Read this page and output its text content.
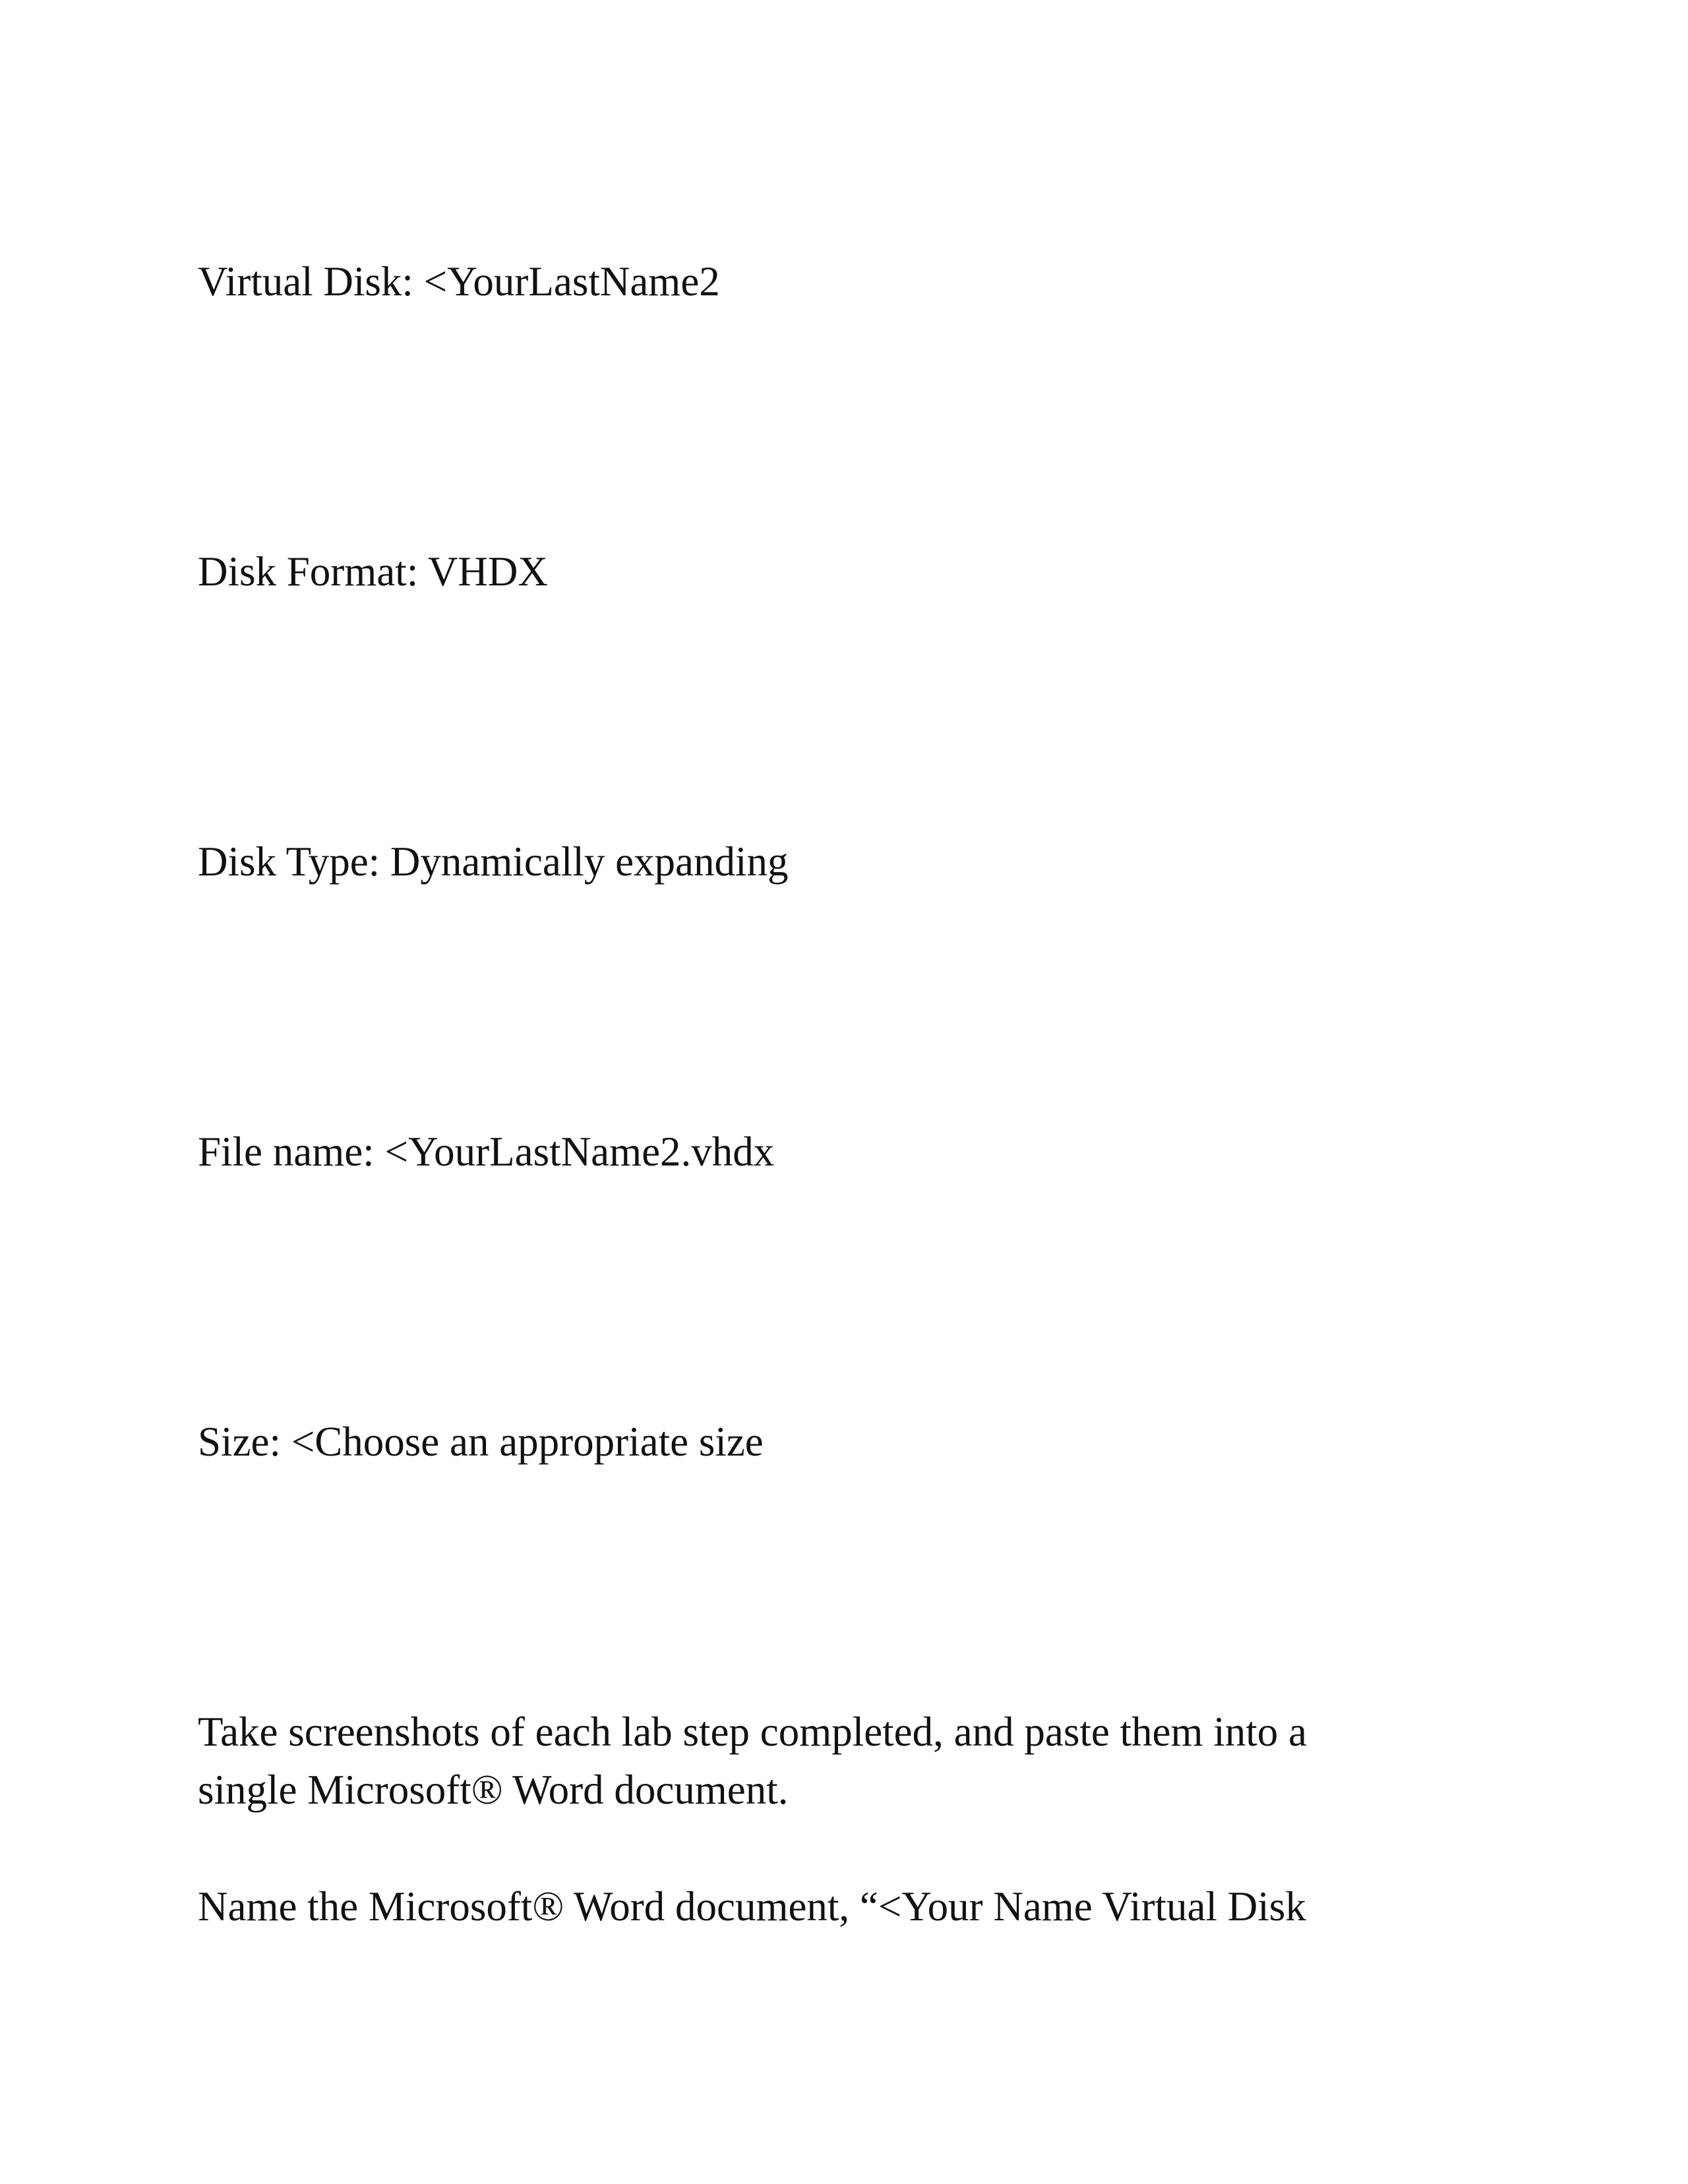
Virtual Disk: <YourLastName2

Disk Format: VHDX

Disk Type: Dynamically expanding

File name: <YourLastName2.vhdx

Size: <Choose an appropriate size

Take screenshots of each lab step completed, and paste them into a
single Microsoft® Word document.

Name the Microsoft® Word document, “<Your Name Virtual Disk
